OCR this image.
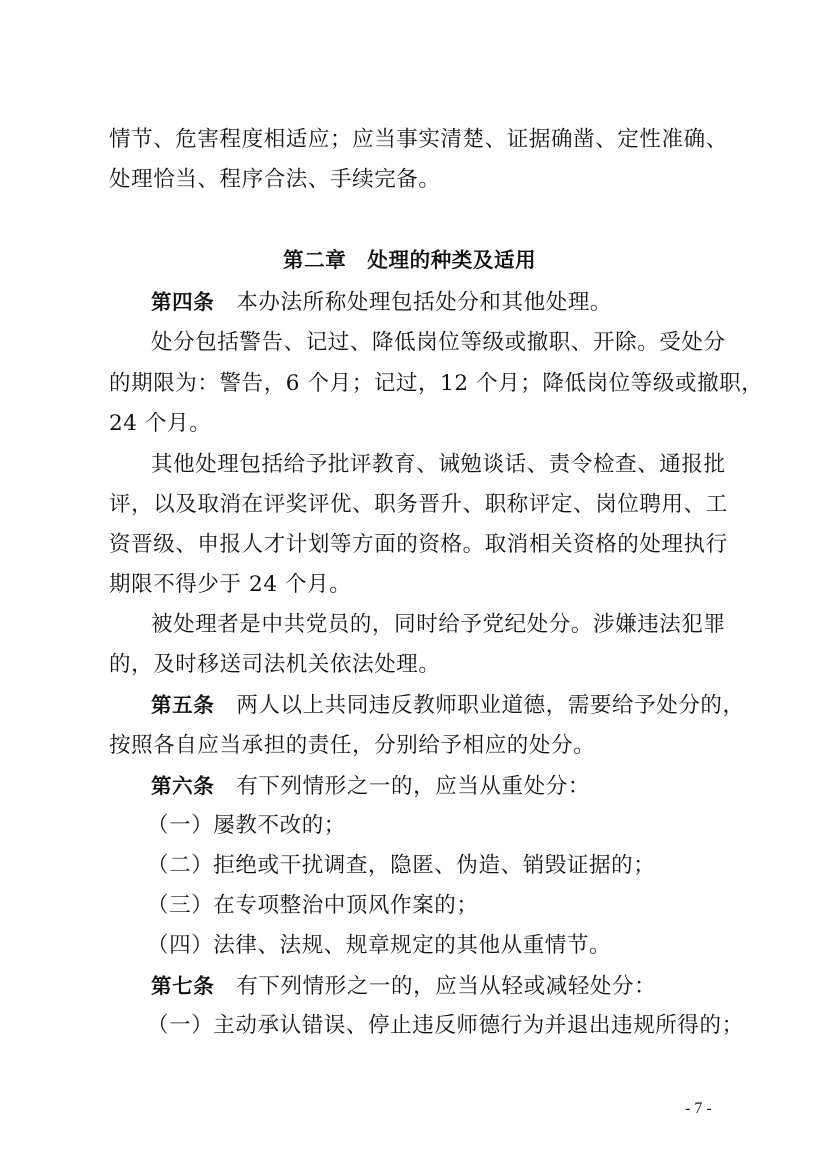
情节、危害程度相适应；应当事实清楚、证据确凿、定性准确、
处理恰当、程序合法、手续完备。
第二章　处理的种类及适用
第四条 本办法所称处理包括处分和其他处理。
处分包括警告、记过、降低岗位等级或撤职、开除。受处分
的期限为：警告，6 个月；记过，12 个月；降低岗位等级或撤职，
24 个月。
其他处理包括给予批评教育、诫勉谈话、责令检查、通报批
评，以及取消在评奖评优、职务晋升、职称评定、岗位聘用、工
资晋级、申报人才计划等方面的资格。取消相关资格的处理执行
期限不得少于 24 个月。
被处理者是中共党员的，同时给予党纪处分。涉嫌违法犯罪
的，及时移送司法机关依法处理。
第五条 两人以上共同违反教师职业道德，需要给予处分的，
按照各自应当承担的责任，分别给予相应的处分。
第六条 有下列情形之一的，应当从重处分：
（一）屡教不改的；
（二）拒绝或干扰调查，隐匿、伪造、销毁证据的；
（三）在专项整治中顶风作案的；
（四）法律、法规、规章规定的其他从重情节。
第七条 有下列情形之一的，应当从轻或减轻处分：
（一）主动承认错误、停止违反师德行为并退出违规所得的；
- 7 -
